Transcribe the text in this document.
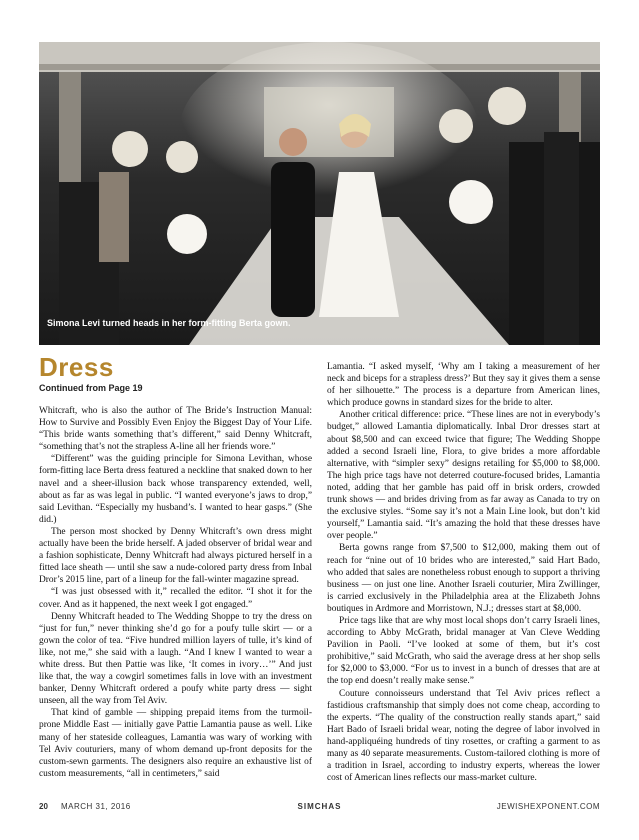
Simona Levi turned heads in her form-fitting Berta gown.
Dress
Continued from Page 19

Whitcraft, who is also the author of The Bride’s Instruction Manual: How to Survive and Possibly Even Enjoy the Biggest Day of Your Life. “This bride wants something that’s different,” said Denny Whitcraft, “something that’s not the strapless A-line all her friends wore.”

“Different” was the guiding principle for Simona Levithan, whose form-fitting lace Berta dress featured a neckline that snaked down to her navel and a sheer-illusion back whose transparency extended, well, about as far as was legal in public. “I wanted everyone’s jaws to drop,” said Levithan. “Especially my husband’s. I wanted to hear gasps.” (She did.)

The person most shocked by Denny Whitcraft’s own dress might actually have been the bride herself. A jaded observer of bridal wear and a fashion sophisticate, Denny Whitcraft had always pictured herself in a fitted lace sheath — until she saw a nude-colored party dress from Inbal Dror’s 2015 line, part of a lineup for the fall-winter magazine spread.

“I was just obsessed with it,” recalled the editor. “I shot it for the cover. And as it happened, the next week I got engaged.”

Denny Whitcraft headed to The Wedding Shoppe to try the dress on “just for fun,” never thinking she’d go for a poufy tulle skirt — or a gown the color of tea. “Five hundred million layers of tulle, it’s kind of like, not me,” she said with a laugh. “And I knew I wanted to wear a white dress. But then Pattie was like, ‘It comes in ivory…’” And just like that, the way a cowgirl sometimes falls in love with an investment banker, Denny Whitcraft ordered a poufy white party dress — sight unseen, all the way from Tel Aviv.

That kind of gamble — shipping prepaid items from the turmoil-prone Middle East — initially gave Pattie Lamantia pause as well. Like many of her stateside colleagues, Lamantia was wary of working with Tel Aviv couturiers, many of whom demand up-front deposits for the custom-sewn garments. The designers also require an exhaustive list of custom measurements, “all in centimeters,” said

Lamantia. “I asked myself, ‘Why am I taking a measurement of her neck and biceps for a strapless dress?’ But they say it gives them a sense of her silhouette.” The process is a departure from American lines, which produce gowns in standard sizes for the bride to alter.

Another critical difference: price. “These lines are not in everybody’s budget,” allowed Lamantia diplomatically. Inbal Dror dresses start at about $8,500 and can exceed twice that figure; The Wedding Shoppe added a second Israeli line, Flora, to give brides a more affordable alternative, with “simpler sexy” designs retailing for $5,000 to $8,000. The high price tags have not deterred couture-focused brides, Lamantia noted, adding that her gamble has paid off in brisk orders, crowded trunk shows — and brides driving from as far away as Canada to try on the exclusive styles. “Some say it’s not a Main Line look, but don’t kid yourself,” Lamantia said. “It’s amazing the hold that these dresses have over people.”

Berta gowns range from $7,500 to $12,000, making them out of reach for “nine out of 10 brides who are interested,” said Hart Bado, who added that sales are nonetheless robust enough to support a thriving business — on just one line. Another Israeli couturier, Mira Zwillinger, is carried exclusively in the Philadelphia area at the Elizabeth Johns boutiques in Ardmore and Morristown, N.J.; dresses start at $8,000.

Price tags like that are why most local shops don’t carry Israeli lines, according to Abby McGrath, bridal manager at Van Cleve Wedding Pavilion in Paoli. “I’ve looked at some of them, but it’s cost prohibitive,” said McGrath, who said the average dress at her shop sells for $2,000 to $3,000. “For us to invest in a bunch of dresses that are at the top end doesn’t really make sense.”

Couture connoisseurs understand that Tel Aviv prices reflect a fastidious craftsmanship that simply does not come cheap, according to the experts. “The quality of the construction really stands apart,” said Hart Bado of Israeli bridal wear, noting the degree of labor involved in hand-appliquéing hundreds of tiny rosettes, or crafting a garment to as many as 40 separate measurements. Custom-tailored clothing is more of a tradition in Israel, according to industry experts, whereas the lower cost of American lines reflects our mass-market culture.

20 MARCH 31, 2016	SIMCHAS	JEWISHEXPONENT.COM
